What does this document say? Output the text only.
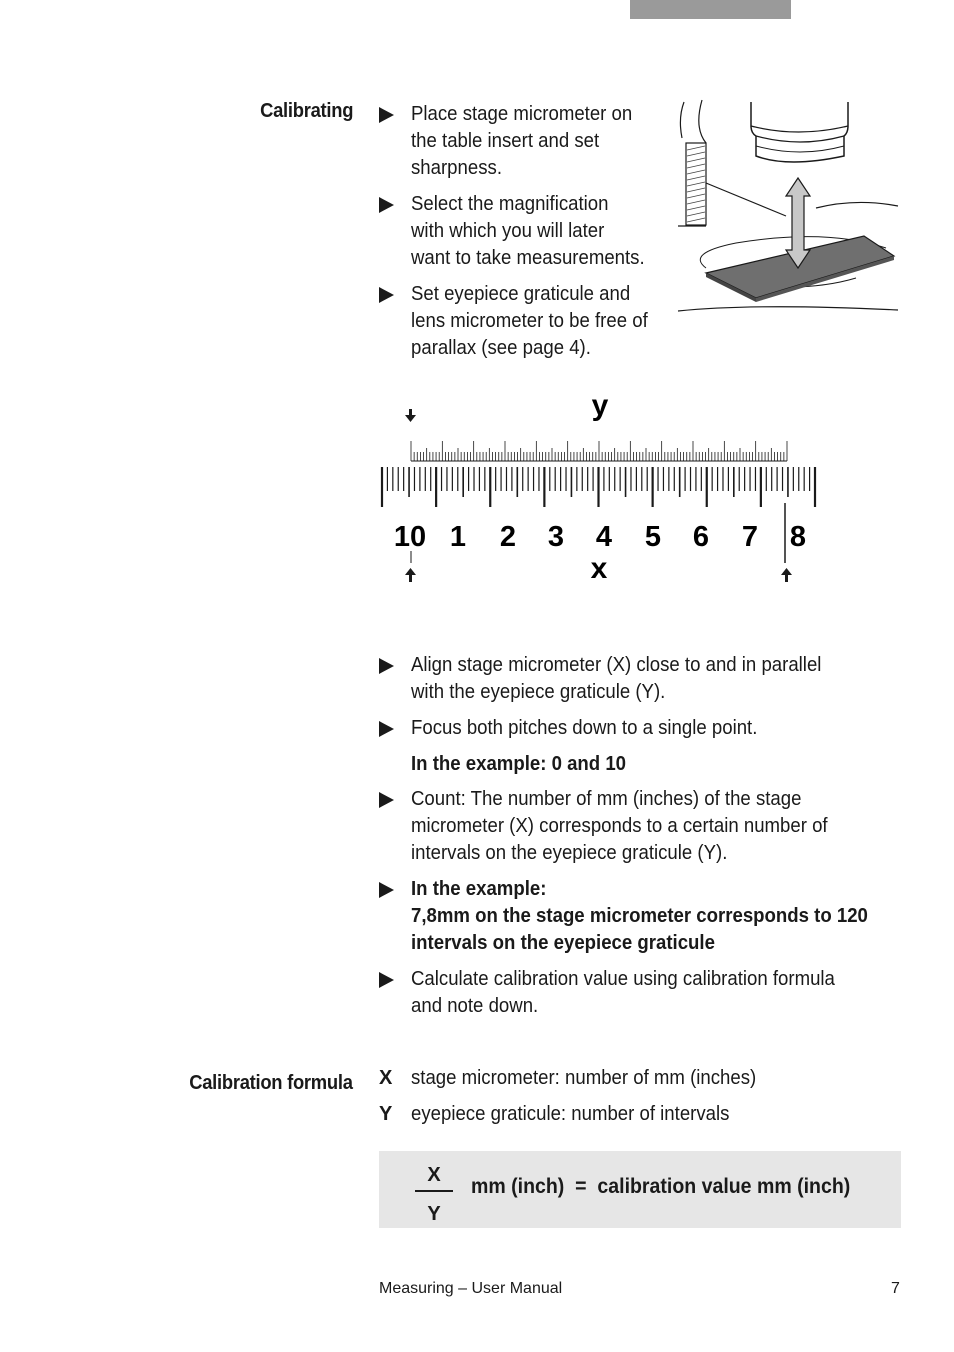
Calibrating	Place stage micrometer on
the table insert and set
sharpness.
Select the magnification
with which you will later
want to take measurements.
Set eyepiece graticule and
lens micrometer to be free of
parallax (see page 4).
y
x
10 1 2 3 4 5 6 7 8
Align stage micrometer (X) close to and in parallel
with the eyepiece graticule (Y).
Focus both pitches down to a single point.
In the example: 0 and 10
Count: The number of mm (inches) of the stage
micrometer (X) corresponds to a certain number of
intervals on the eyepiece graticule (Y).
In the example:
7,8mm on the stage micrometer corresponds to 120
intervals on the eyepiece graticule
Calculate calibration value using calibration formula
and note down.
Calibration formula X stage micrometer: number of mm (inches)
Y eyepiece graticule: number of intervals
X
Y
mm (inch)  =  calibration value mm (inch)
Measuring – User Manual	7
